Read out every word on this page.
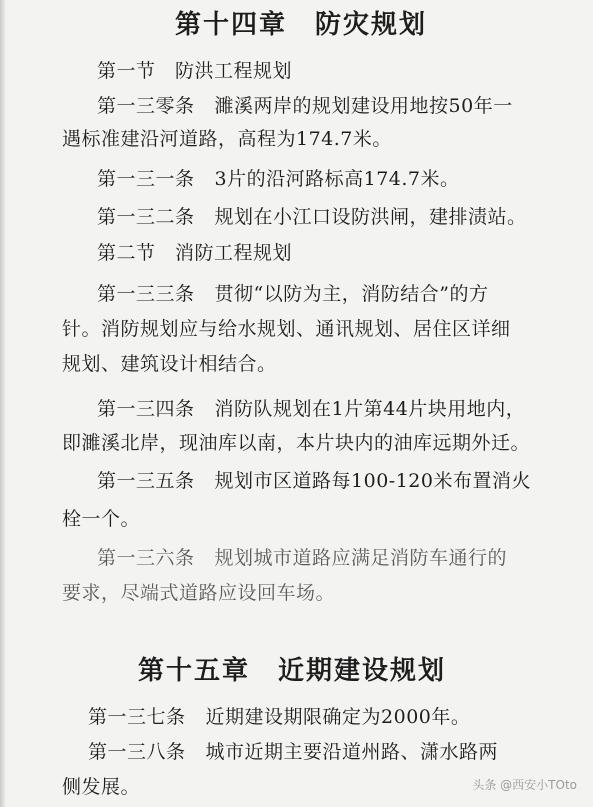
第十四章　防灾规划
第一节　防洪工程规划
第一三零条 濉溪两岸的规划建设用地按50年一
遇标准建沿河道路，高程为174.7米。
第一三一条 3片的沿河路标高174.7米。
第一三二条 规划在小江口设防洪闸，建排渍站。
第二节　消防工程规划
第一三三条 贯彻“以防为主，消防结合”的方
针。消防规划应与给水规划、通讯规划、居住区详细
规划、建筑设计相结合。
第一三四条 消防队规划在1片第44片块用地内，
即濉溪北岸，现油库以南，本片块内的油库远期外迁。
第一三五条 规划市区道路每100-120米布置消火
栓一个。
第一三六条 规划城市道路应满足消防车通行的
要求，尽端式道路应设回车场。
第十五章　近期建设规划
第一三七条 近期建设期限确定为2000年。
第一三八条 城市近期主要沿道州路、潇水路两
侧发展。	头条 @西安小TOto
